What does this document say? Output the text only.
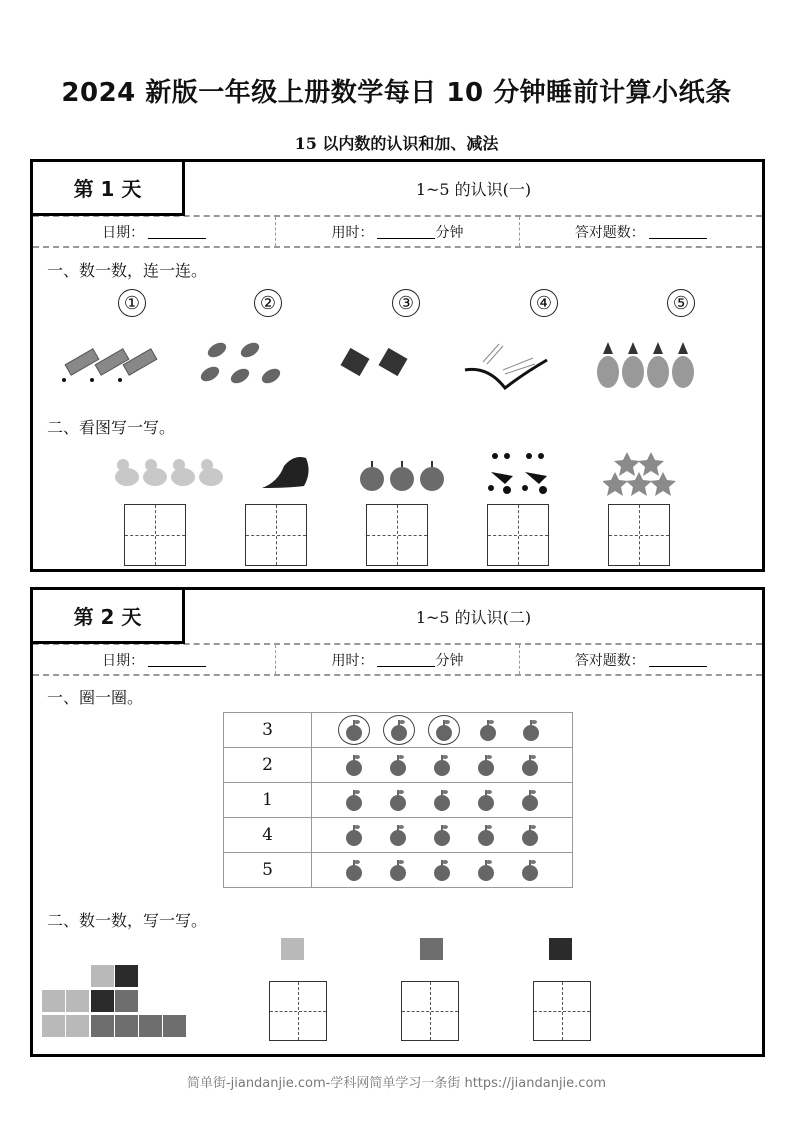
2024 新版一年级上册数学每日 10 分钟睡前计算小纸条
15 以内数的认识和加、减法
第 1 天	1~5 的认识(一)
日期：	用时：	分钟	答对题数：
一、数一数，连一连。
①	②	③	④	⑤
二、看图写一写。
第 2 天	1~5 的认识(二)
日期：	用时：	分钟	答对题数：
一、圈一圈。
3	

2	

1	

4	

5	
二、数一数，写一写。
简单街-jiandanjie.com-学科网简单学习一条街 https://jiandanjie.com
